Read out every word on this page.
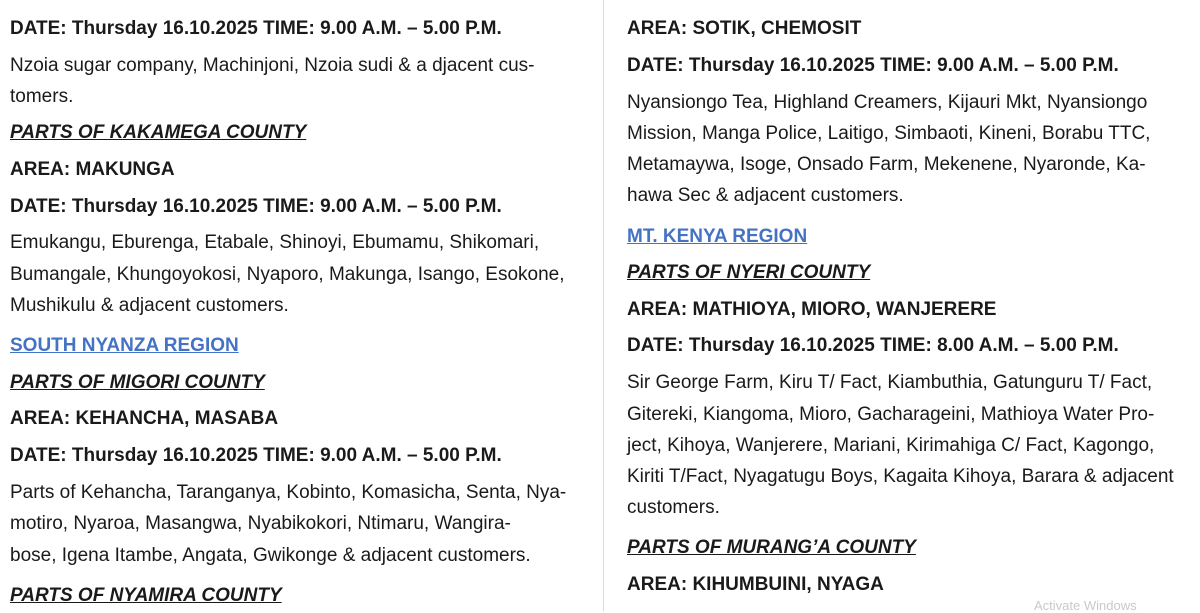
DATE: Thursday 16.10.2025 TIME: 9.00 A.M. – 5.00 P.M.
Nzoia sugar company, Machinjoni, Nzoia sudi & a djacent cus-
tomers.
PARTS OF KAKAMEGA COUNTY
AREA: MAKUNGA
DATE: Thursday 16.10.2025 TIME: 9.00 A.M. – 5.00 P.M.
Emukangu, Eburenga, Etabale, Shinoyi, Ebumamu, Shikomari,
Bumangale, Khungoyokosi, Nyaporo, Makunga, Isango, Esokone,
Mushikulu & adjacent customers.
SOUTH NYANZA REGION
PARTS OF MIGORI COUNTY
AREA: KEHANCHA, MASABA
DATE: Thursday 16.10.2025 TIME: 9.00 A.M. – 5.00 P.M.
Parts of Kehancha, Taranganya, Kobinto, Komasicha, Senta, Nya-
motiro, Nyaroa, Masangwa, Nyabikokori, Ntimaru, Wangira-
bose, Igena Itambe, Angata, Gwikonge & adjacent customers.
PARTS OF NYAMIRA COUNTY
AREA: SOTIK, CHEMOSIT
DATE: Thursday 16.10.2025 TIME: 9.00 A.M. – 5.00 P.M.
Nyansiongo Tea, Highland Creamers, Kijauri Mkt, Nyansiongo
Mission, Manga Police, Laitigo, Simbaoti, Kineni, Borabu TTC,
Metamaywa, Isoge, Onsado Farm, Mekenene, Nyaronde, Ka-
hawa Sec & adjacent customers.
MT. KENYA REGION
PARTS OF NYERI COUNTY
AREA: MATHIOYA, MIORO, WANJERERE
DATE: Thursday 16.10.2025 TIME: 8.00 A.M. – 5.00 P.M.
Sir George Farm, Kiru T/ Fact, Kiambuthia, Gatunguru T/ Fact,
Gitereki, Kiangoma, Mioro, Gacharageini, Mathioya Water Pro-
ject, Kihoya, Wanjerere, Mariani, Kirimahiga C/ Fact, Kagongo,
Kiriti T/Fact, Nyagatugu Boys, Kagaita Kihoya, Barara & adjacent
customers.
PARTS OF MURANG’A COUNTY
AREA: KIHUMBUINI, NYAGA
Activate Windows
